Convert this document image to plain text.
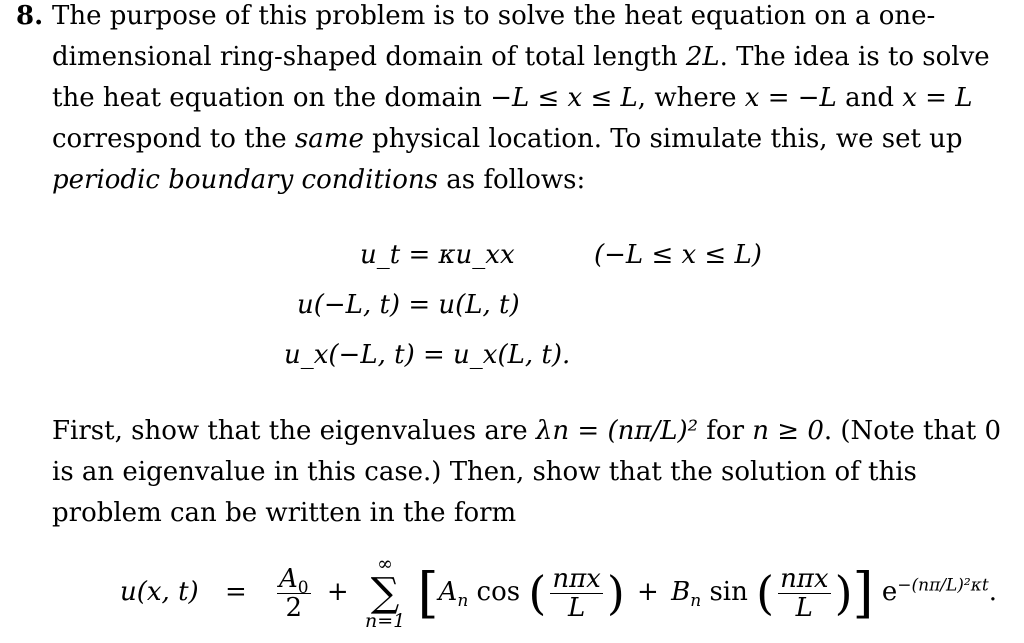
8. The purpose of this problem is to solve the heat equation on a one-dimensional ring-shaped domain of total length 2L. The idea is to solve the heat equation on the domain −L ≤ x ≤ L, where x = −L and x = L correspond to the same physical location. To simulate this, we set up periodic boundary conditions as follows:
u_t = κu_xx	(−L ≤ x ≤ L)
u(−L, t) = u(L, t)
u_x(−L, t) = u_x(L, t).
First, show that the eigenvalues are λn = (nπ/L)² for n ≥ 0. (Note that 0 is an eigenvalue in this case.) Then, show that the solution of this problem can be written in the form
u(x, $t) = \frac{A_0}{2}$ +
∞
∑
n=1 [$A_n$ cos ( $\frac{\text{nπx}}{L}$ ) + $B_n$ sin ( $\frac{\text{nπx}}{L}$ )] $e^{-(n\pi/L)^2\kappa t}$.
